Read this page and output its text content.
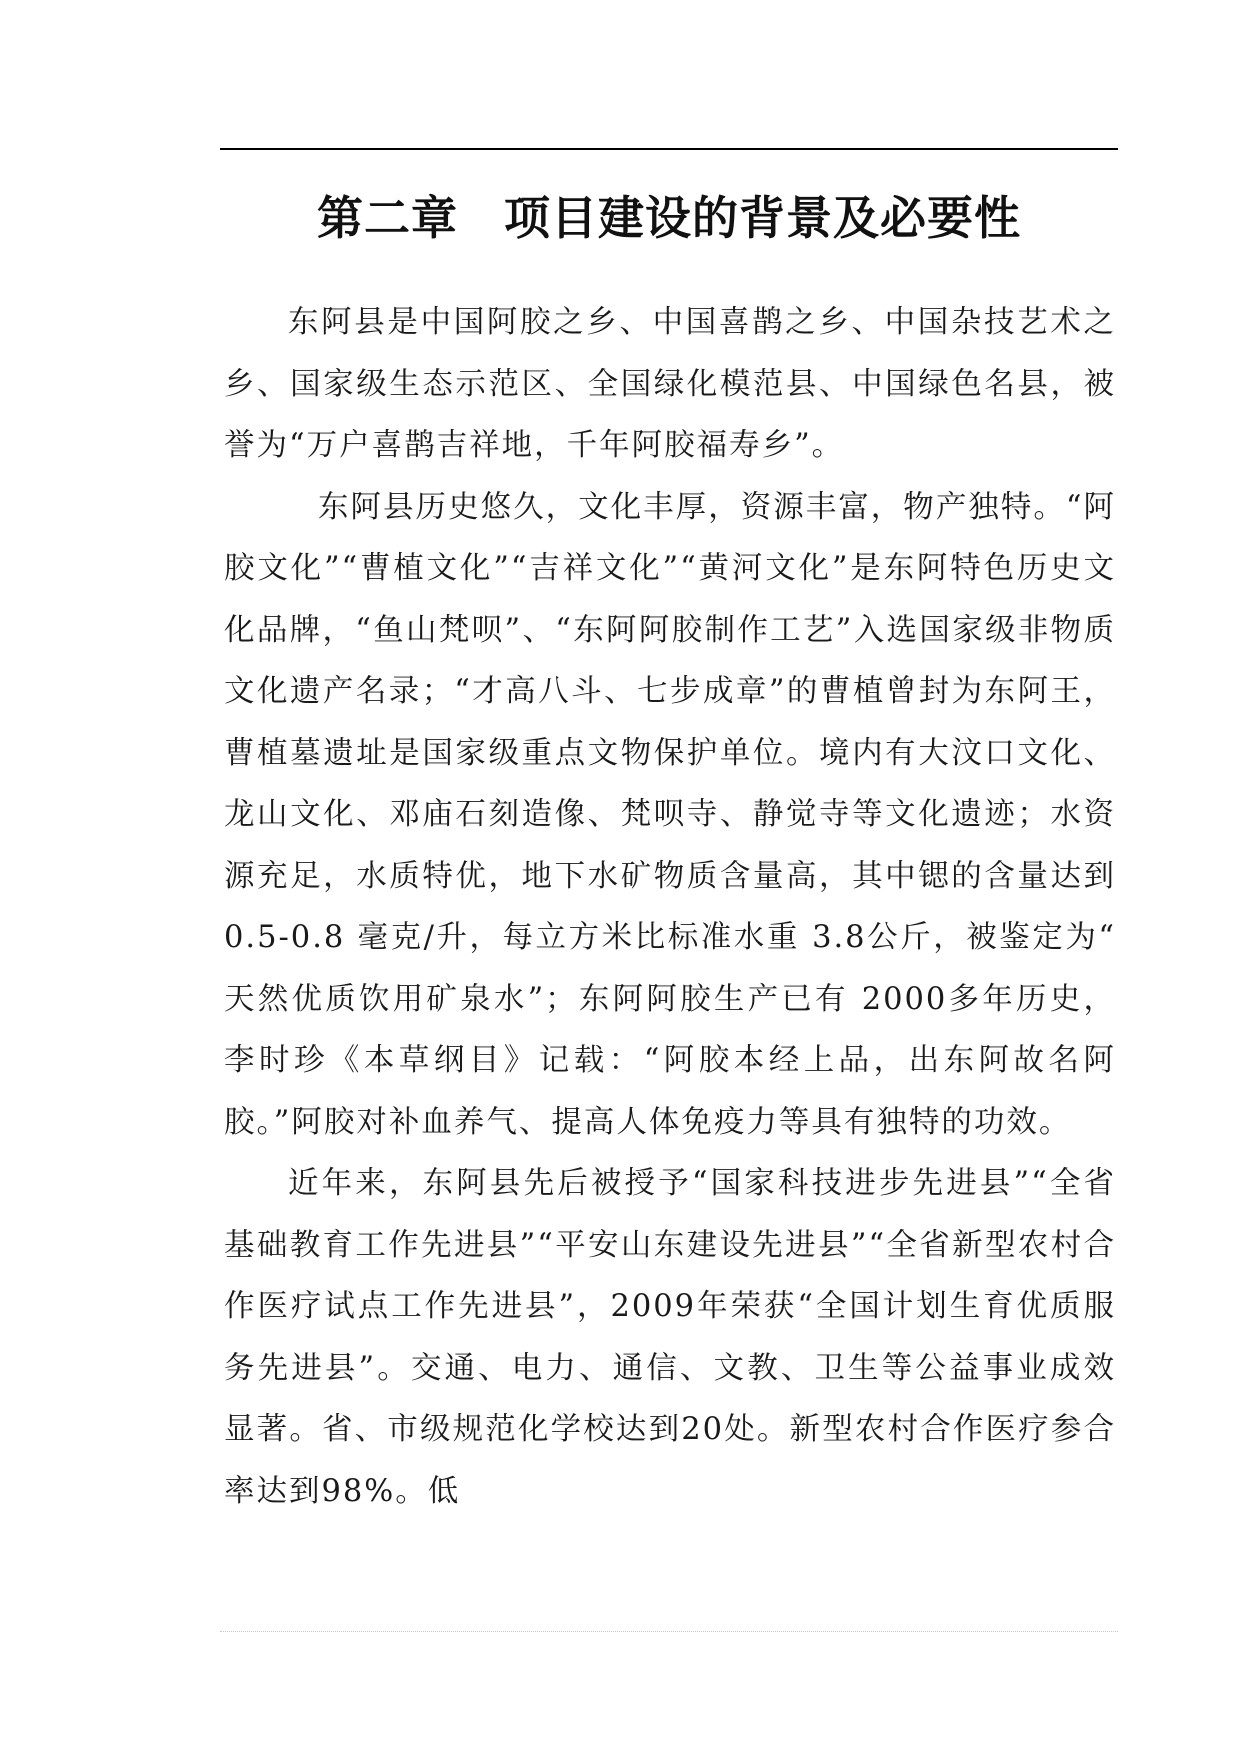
第二章 项目建设的背景及必要性

东阿县是中国阿胶之乡、中国喜鹊之乡、中国杂技艺术之乡、国家级生态示范区、全国绿化模范县、中国绿色名县，被誉为“万户喜鹊吉祥地，千年阿胶福寿乡”。

东阿县历史悠久，文化丰厚，资源丰富，物产独特。“阿胶文化”“曹植文化”“吉祥文化”“黄河文化”是东阿特色历史文化品牌，“鱼山梵呗”、“东阿阿胶制作工艺”入选国家级非物质文化遗产名录；“才高八斗、七步成章”的曹植曾封为东阿王，曹植墓遗址是国家级重点文物保护单位。境内有大汶口文化、龙山文化、邓庙石刻造像、梵呗寺、静觉寺等文化遗迹；水资源充足，水质特优，地下水矿物质含量高，其中锶的含量达到 0.5-0.8 毫克/升，每立方米比标准水重 3.8公斤，被鉴定为“ 天然优质饮用矿泉水”；东阿阿胶生产已有 2000多年历史，李时珍《本草纲目》记载：“阿胶本经上品，出东阿故名阿胶。”阿胶对补血养气、提高人体免疫力等具有独特的功效。

近年来，东阿县先后被授予“国家科技进步先进县”“全省基础教育工作先进县”“平安山东建设先进县”“全省新型农村合作医疗试点工作先进县”，2009年荣获“全国计划生育优质服务先进县”。交通、电力、通信、文教、卫生等公益事业成效显著。省、市级规范化学校达到20处。新型农村合作医疗参合率达到98%。低
